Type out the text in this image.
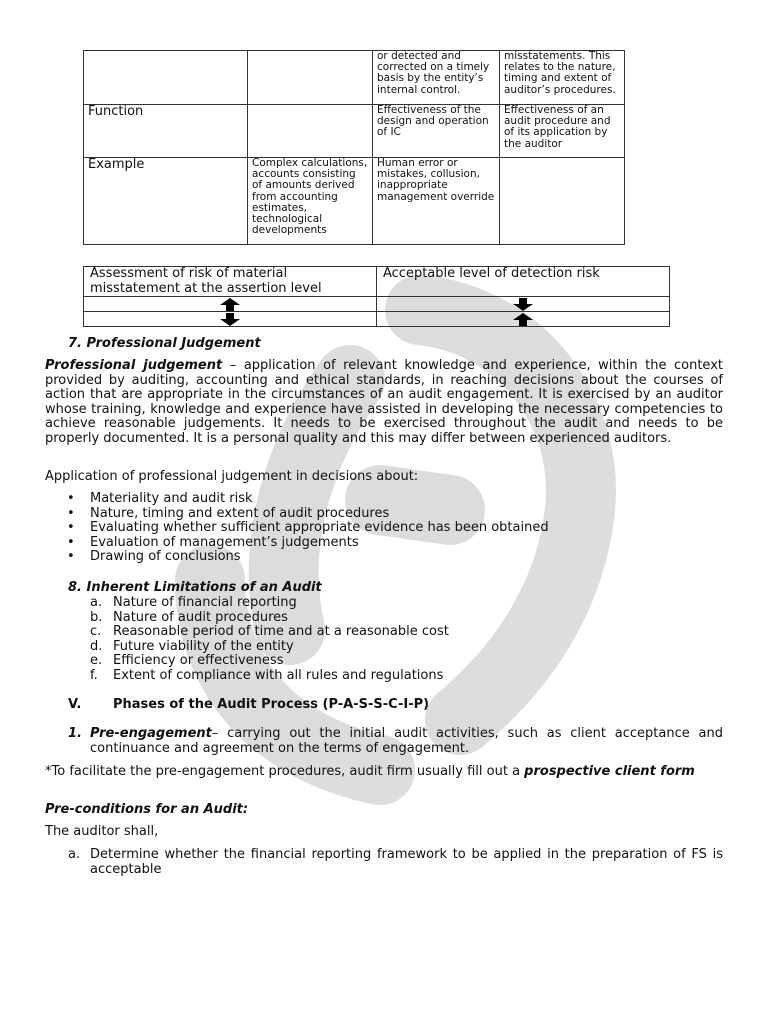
		or detected and corrected on a timely basis by the entity’s internal control.	misstatements. This relates to the nature, timing and extent of auditor’s procedures.
Function		Effectiveness of the design and operation of IC	Effectiveness of an audit procedure and of its application by the auditor
Example	Complex calculations, accounts consisting of amounts derived from accounting estimates, technological developments	Human error or mistakes, collusion, inappropriate management override	
Assessment of risk of material misstatement at the assertion level	Acceptable level of detection risk

7. Professional Judgement
Professional judgement – application of relevant knowledge and experience, within the context provided by auditing, accounting and ethical standards, in reaching decisions about the courses of action that are appropriate in the circumstances of an audit engagement. It is exercised by an auditor whose training, knowledge and experience have assisted in developing the necessary competencies to achieve reasonable judgements. It needs to be exercised throughout the audit and needs to be properly documented. It is a personal quality and this may differ between experienced auditors.
Application of professional judgement in decisions about:
• Materiality and audit risk
• Nature, timing and extent of audit procedures
• Evaluating whether sufficient appropriate evidence has been obtained
• Evaluation of management’s judgements
• Drawing of conclusions
8. Inherent Limitations of an Audit
a. Nature of financial reporting
b. Nature of audit procedures
c. Reasonable period of time and at a reasonable cost
d. Future viability of the entity
e. Efficiency or effectiveness
f. Extent of compliance with all rules and regulations
V. Phases of the Audit Process (P-A-S-S-C-I-P)
1. Pre-engagement– carrying out the initial audit activities, such as client acceptance and continuance and agreement on the terms of engagement.
*To facilitate the pre-engagement procedures, audit firm usually fill out a prospective client form
Pre-conditions for an Audit:
The auditor shall,
a. Determine whether the financial reporting framework to be applied in the preparation of FS is acceptable
